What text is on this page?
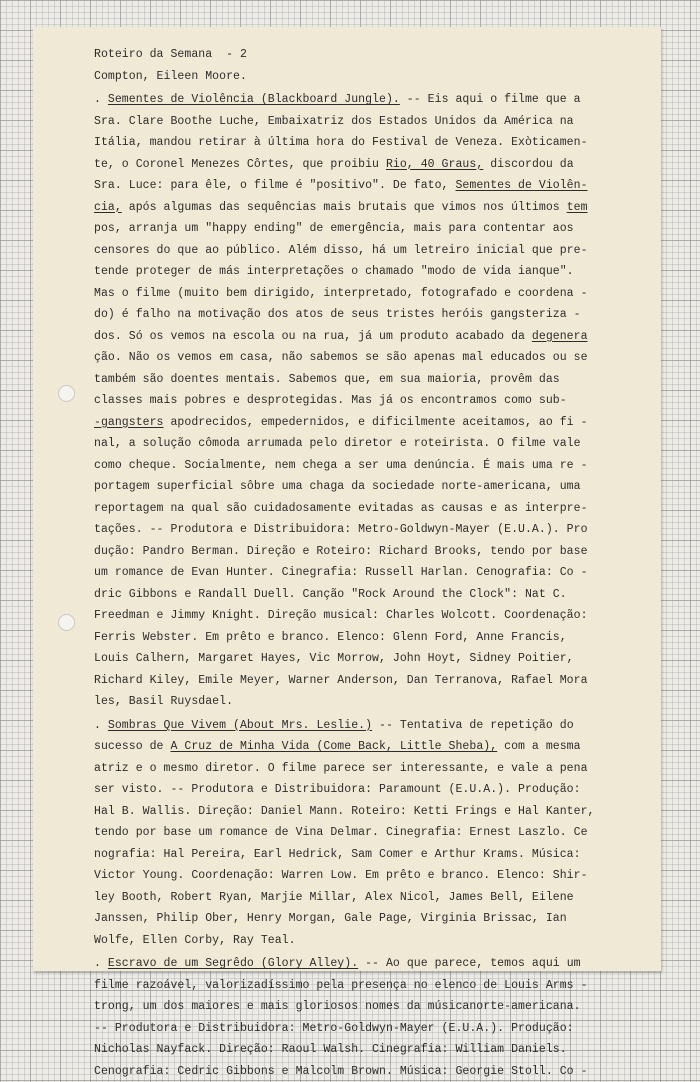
Roteiro da Semana - 2
Compton, Eileen Moore.
. Sementes de Violência (Blackboard Jungle). -- Eis aqui o filme que a
Sra. Clare Boothe Luche, Embaixatriz dos Estados Unidos da América na
Itália, mandou retirar à última hora do Festival de Veneza. Exòticamen-
te, o Coronel Menezes Côrtes, que proibiu Rio, 40 Graus, discordou da
Sra. Luce: para êle, o filme é "positivo". De fato, Sementes de Violên-
cia, após algumas das sequências mais brutais que vimos nos últimos tem
pos, arranja um "happy ending" de emergência, mais para contentar aos
censores do que ao público. Além disso, há um letreiro inicial que pre-
tende proteger de más interpretações o chamado "modo de vida ianque".
Mas o filme (muito bem dirigido, interpretado, fotografado e coordena -
do) é falho na motivação dos atos de seus tristes heróis gangsteriza -
dos. Só os vemos na escola ou na rua, já um produto acabado da degenera
ção. Não os vemos em casa, não sabemos se são apenas mal educados ou se
também são doentes mentais. Sabemos que, em sua maioria, provêm das
classes mais pobres e desprotegidas. Mas já os encontramos como sub-
-gangsters apodrecidos, empedernidos, e dificilmente aceitamos, ao fi -
nal, a solução cômoda arrumada pelo diretor e roteirista. O filme vale
como cheque. Socialmente, nem chega a ser uma denúncia. É mais uma re -
portagem superficial sôbre uma chaga da sociedade norte-americana, uma
reportagem na qual são cuidadosamente evitadas as causas e as interpre-
tações. -- Produtora e Distribuidora: Metro-Goldwyn-Mayer (E.U.A.). Pro
dução: Pandro Berman. Direção e Roteiro: Richard Brooks, tendo por base
um romance de Evan Hunter. Cinegrafia: Russell Harlan. Cenografia: Co -
dric Gibbons e Randall Duell. Canção "Rock Around the Clock": Nat C.
Freedman e Jimmy Knight. Direção musical: Charles Wolcott. Coordenação:
Ferris Webster. Em prêto e branco. Elenco: Glenn Ford, Anne Francis,
Louis Calhern, Margaret Hayes, Vic Morrow, John Hoyt, Sidney Poitier,
Richard Kiley, Emile Meyer, Warner Anderson, Dan Terranova, Rafael Mora
les, Basil Ruysdael.
. Sombras Que Vivem (About Mrs. Leslie.) -- Tentativa de repetição do
sucesso de A Cruz de Minha Vida (Come Back, Little Sheba), com a mesma
atriz e o mesmo diretor. O filme parece ser interessante, e vale a pena
ser visto. -- Produtora e Distribuidora: Paramount (E.U.A.). Produção:
Hal B. Wallis. Direção: Daniel Mann. Roteiro: Ketti Frings e Hal Kanter,
tendo por base um romance de Vina Delmar. Cinegrafia: Ernest Laszlo. Ce
nografia: Hal Pereira, Earl Hedrick, Sam Comer e Arthur Krams. Música:
Victor Young. Coordenação: Warren Low. Em prêto e branco. Elenco: Shir-
ley Booth, Robert Ryan, Marjie Millar, Alex Nicol, James Bell, Eilene
Janssen, Philip Ober, Henry Morgan, Gale Page, Virginia Brissac, Ian
Wolfe, Ellen Corby, Ray Teal.
. Escravo de um Segrêdo (Glory Alley). -- Ao que parece, temos aqui um
filme razoável, valorizadíssimo pela presença no elenco de Louis Arms -
trong, um dos maiores e mais gloriosos nomes da músicanorte-americana.
-- Produtora e Distribuidora: Metro-Goldwyn-Mayer (E.U.A.). Produção:
Nicholas Nayfack. Direção: Raoul Walsh. Cinegrafia: William Daniels.
Cenografia: Cedric Gibbons e Malcolm Brown. Música: Georgie Stoll. Co -
